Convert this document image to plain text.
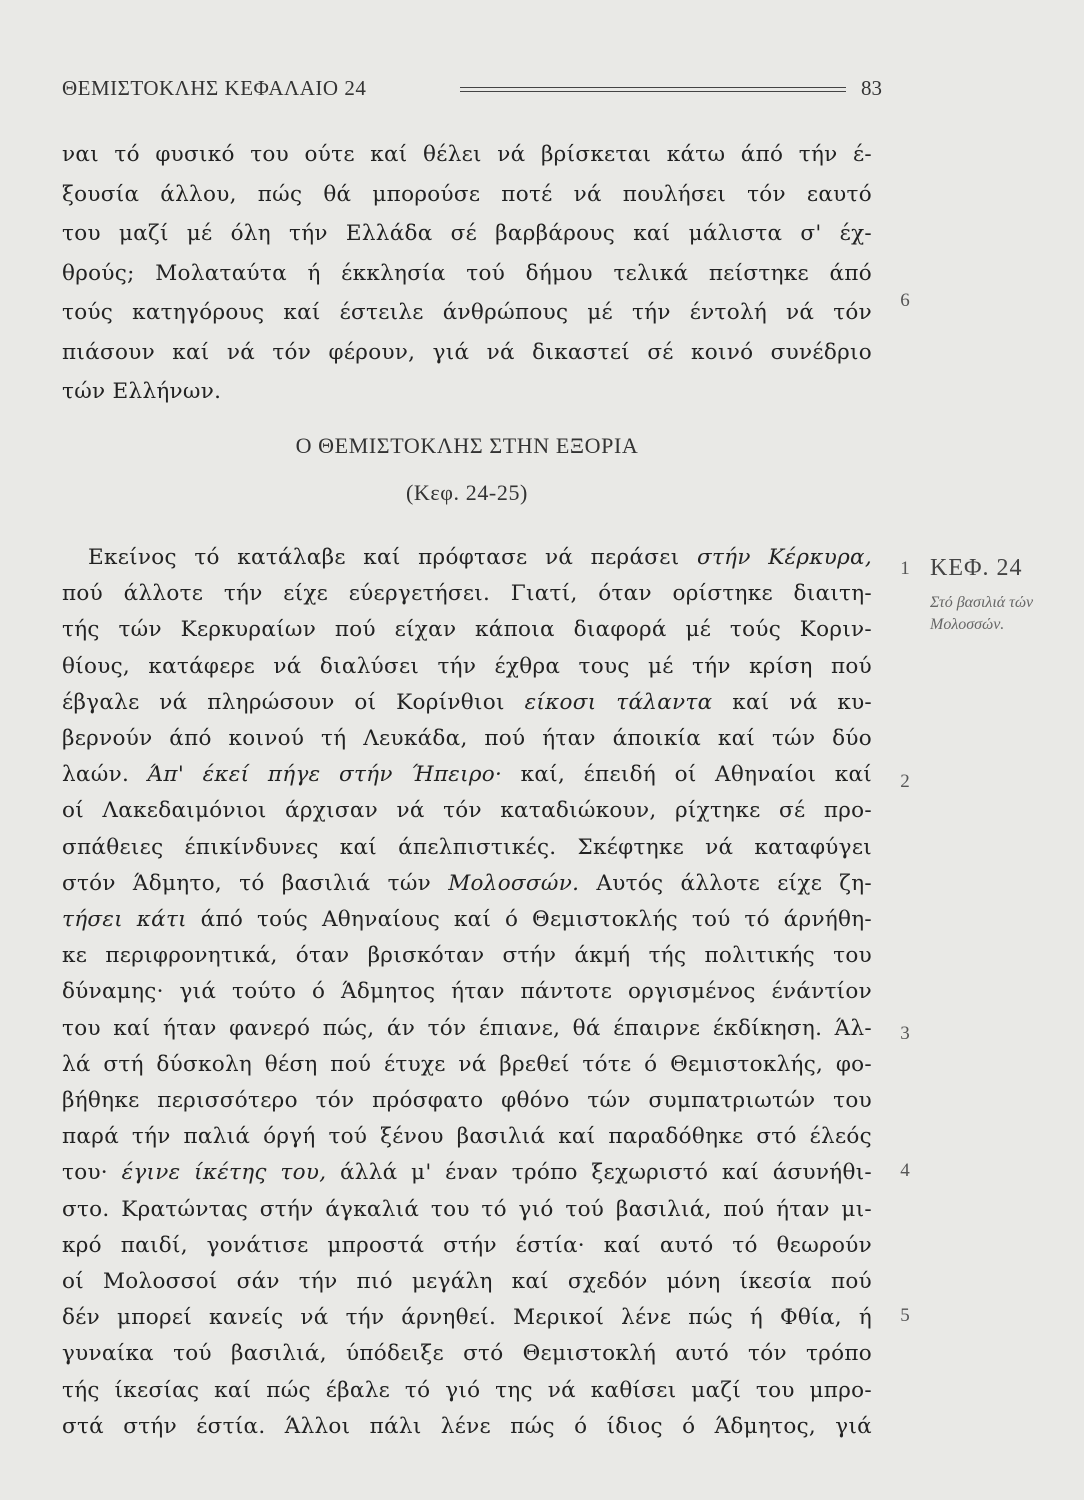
ΘΕΜΙΣΤΟΚΛΗΣ ΚΕΦΑΛΑΙΟ 24	83
ναι τό φυσικό του ούτε καί θέλει νά βρίσκεται κάτω άπό τήν έ-
ξουσία άλλου, πώς θά μπορούσε ποτέ νά πουλήσει τόν εαυτό
του μαζί μέ όλη τήν Ελλάδα σέ βαρβάρους καί μάλιστα σ' έχ-
θρούς; Μολαταύτα ή έκκλησία τού δήμου τελικά πείστηκε άπό
τούς κατηγόρους καί έστειλε άνθρώπους μέ τήν έντολή νά τόν
πιάσουν καί νά τόν φέρουν, γιά νά δικαστεί σέ κοινό συνέδριο
τών Ελλήνων.
Ο ΘΕΜΙΣΤΟΚΛΗΣ ΣΤΗΝ ΕΞΟΡΙΑ
(Κεφ. 24-25)
Εκείνος τό κατάλαβε καί πρόφτασε νά περάσει στήν Κέρκυρα,
πού άλλοτε τήν είχε εύεργετήσει. Γιατί, όταν ορίστηκε διαιτη-
τής τών Κερκυραίων πού είχαν κάποια διαφορά μέ τούς Κοριν-
θίους, κατάφερε νά διαλύσει τήν έχθρα τους μέ τήν κρίση πού
έβγαλε νά πληρώσουν οί Κορίνθιοι είκοσι τάλαντα καί νά κυ-
βερνούν άπό κοινού τή Λευκάδα, πού ήταν άποικία καί τών δύο
λαών. Άπ' έκεί πήγε στήν Ήπειρο· καί, έπειδή οί Αθηναίοι καί
οί Λακεδαιμόνιοι άρχισαν νά τόν καταδιώκουν, ρίχτηκε σέ προ-
σπάθειες έπικίνδυνες καί άπελπιστικές. Σκέφτηκε νά καταφύγει
στόν Άδμητο, τό βασιλιά τών Μολοσσών. Αυτός άλλοτε είχε ζη-
τήσει κάτι άπό τούς Αθηναίους καί ό Θεμιστοκλής τού τό άρνήθη-
κε περιφρονητικά, όταν βρισκόταν στήν άκμή τής πολιτικής του
δύναμης· γιά τούτο ό Άδμητος ήταν πάντοτε οργισμένος ένάντίον
του καί ήταν φανερό πώς, άν τόν έπιανε, θά έπαιρνε έκδίκηση. Άλ-
λά στή δύσκολη θέση πού έτυχε νά βρεθεί τότε ό Θεμιστοκλής, φο-
βήθηκε περισσότερο τόν πρόσφατο φθόνο τών συμπατριωτών του
παρά τήν παλιά όργή τού ξένου βασιλιά καί παραδόθηκε στό έλεός
του· έγινε ίκέτης του, άλλά μ' έναν τρόπο ξεχωριστό καί άσυνήθι-
στο. Κρατώντας στήν άγκαλιά του τό γιό τού βασιλιά, πού ήταν μι-
κρό παιδί, γονάτισε μπροστά στήν έστία· καί αυτό τό θεωρούν
οί Μολοσσοί σάν τήν πιό μεγάλη καί σχεδόν μόνη ίκεσία πού
δέν μπορεί κανείς νά τήν άρνηθεί. Μερικοί λένε πώς ή Φθία, ή
γυναίκα τού βασιλιά, ύπόδειξε στό Θεμιστοκλή αυτό τόν τρόπο
τής ίκεσίας καί πώς έβαλε τό γιό της νά καθίσει μαζί του μπρο-
στά στήν έστία. Άλλοι πάλι λένε πώς ό ίδιος ό Άδμητος, γιά
6
1
2
3
4
5
ΚΕΦ. 24
Στό βασιλιά τών Μολοσσών.
